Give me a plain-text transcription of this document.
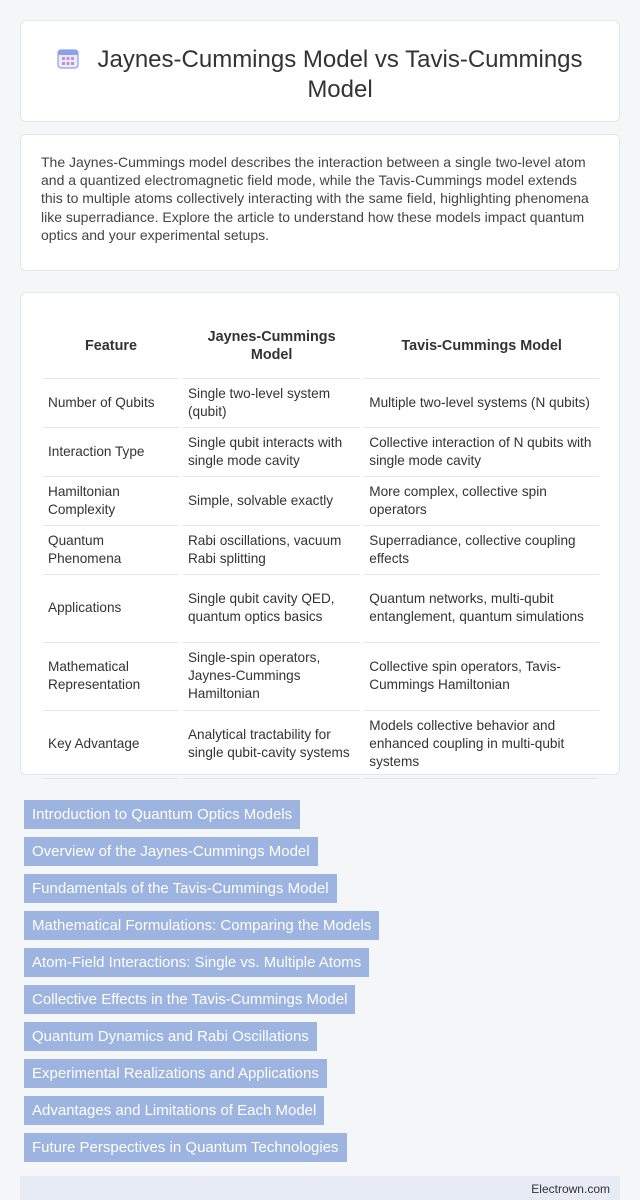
Jaynes-Cummings Model vs Tavis-Cummings Model

The Jaynes-Cummings model describes the interaction between a single two-level atom and a quantized electromagnetic field mode, while the Tavis-Cummings model extends this to multiple atoms collectively interacting with the same field, highlighting phenomena like superradiance. Explore the article to understand how these models impact quantum optics and your experimental setups.

Feature		Jaynes-Cummings Model		Tavis-Cummings Model
Number of Qubits		Single two-level system (qubit)		Multiple two-level systems (N qubits)
Interaction Type		Single qubit interacts with single mode cavity		Collective interaction of N qubits with single mode cavity
Hamiltonian Complexity		Simple, solvable exactly		More complex, collective spin operators
Quantum Phenomena		Rabi oscillations, vacuum Rabi splitting		Superradiance, collective coupling effects
Applications		Single qubit cavity QED, quantum optics basics		Quantum networks, multi-qubit entanglement, quantum simulations
Mathematical Representation		Single-spin operators, Jaynes-Cummings Hamiltonian		Collective spin operators, Tavis-Cummings Hamiltonian
Key Advantage		Analytical tractability for single qubit-cavity systems		Models collective behavior and enhanced coupling in multi-qubit systems
Introduction to Quantum Optics Models
Overview of the Jaynes-Cummings Model
Fundamentals of the Tavis-Cummings Model
Mathematical Formulations: Comparing the Models
Atom-Field Interactions: Single vs. Multiple Atoms
Collective Effects in the Tavis-Cummings Model
Quantum Dynamics and Rabi Oscillations
Experimental Realizations and Applications
Advantages and Limitations of Each Model
Future Perspectives in Quantum Technologies
Electrown.com
